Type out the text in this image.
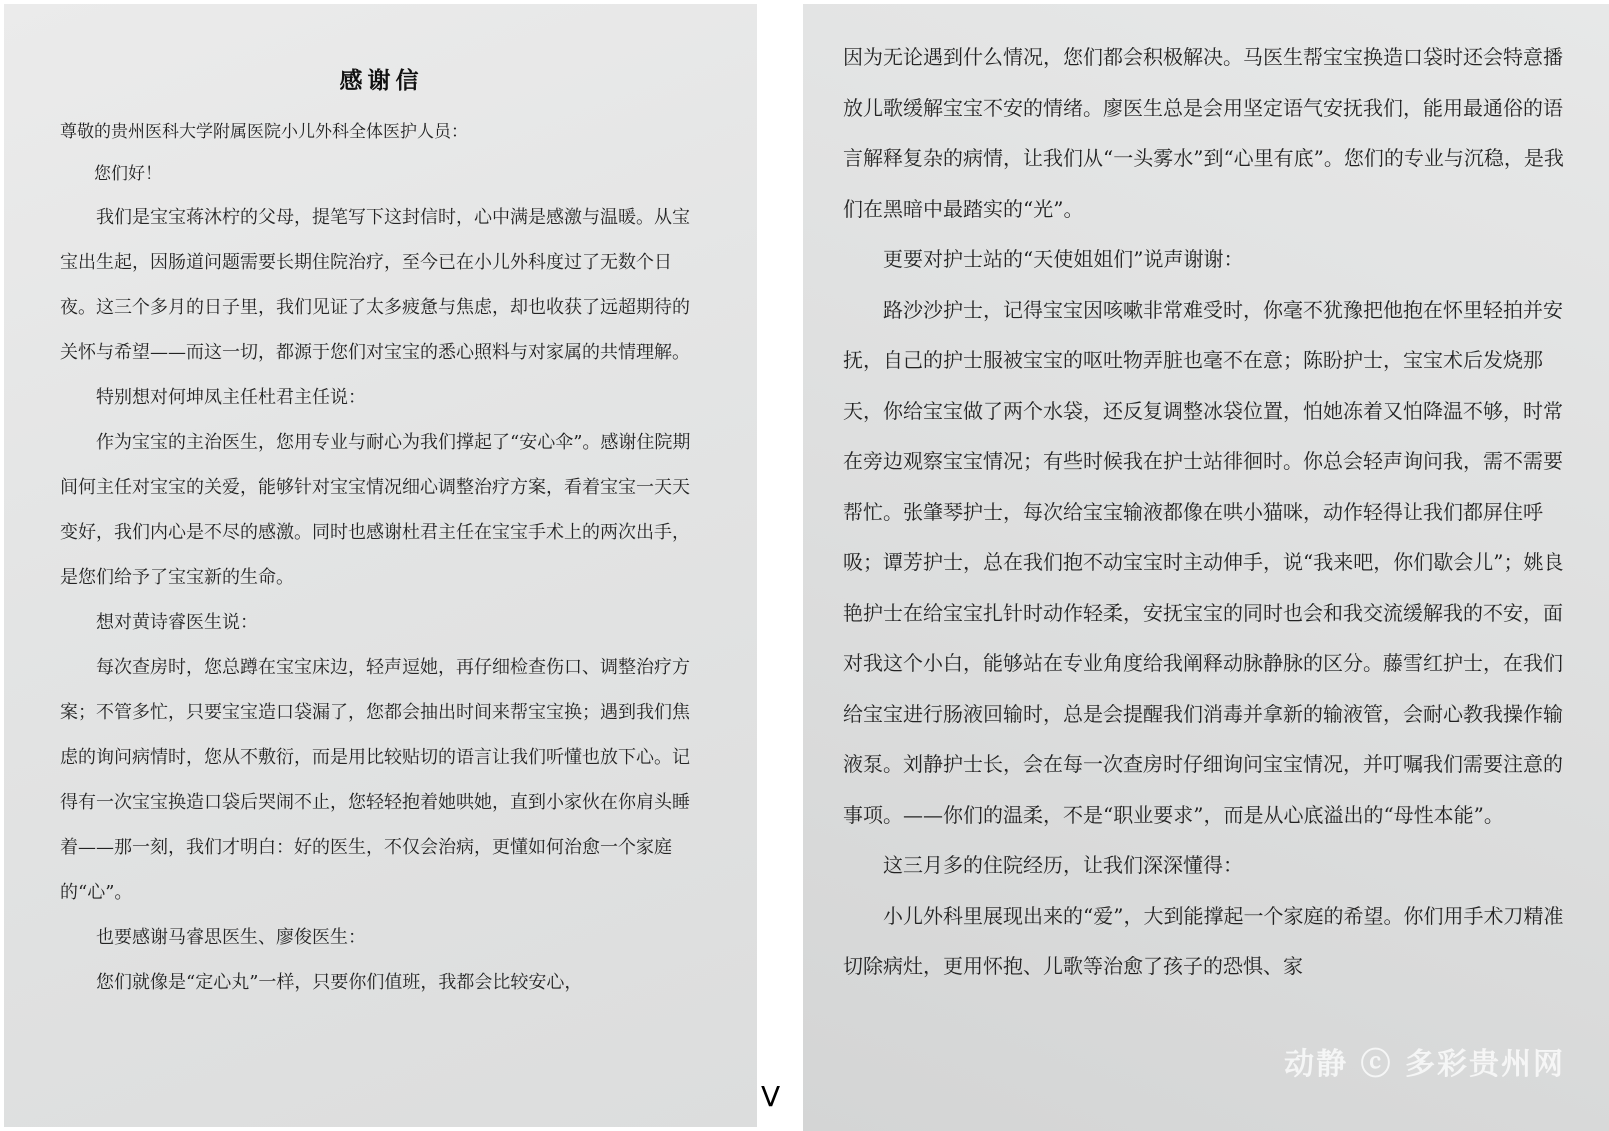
感谢信

尊敬的贵州医科大学附属医院小儿外科全体医护人员：

您们好！

我们是宝宝蒋沐柠的父母，提笔写下这封信时，心中满是感激与温暖。从宝宝出生起，因肠道问题需要长期住院治疗，至今已在小儿外科度过了无数个日夜。这三个多月的日子里，我们见证了太多疲惫与焦虑，却也收获了远超期待的关怀与希望——而这一切，都源于您们对宝宝的悉心照料与对家属的共情理解。

特别想对何坤凤主任杜君主任说：

作为宝宝的主治医生，您用专业与耐心为我们撑起了“安心伞”。感谢住院期间何主任对宝宝的关爱，能够针对宝宝情况细心调整治疗方案，看着宝宝一天天变好，我们内心是不尽的感激。同时也感谢杜君主任在宝宝手术上的两次出手，是您们给予了宝宝新的生命。

想对黄诗睿医生说：

每次查房时，您总蹲在宝宝床边，轻声逗她，再仔细检查伤口、调整治疗方案；不管多忙，只要宝宝造口袋漏了，您都会抽出时间来帮宝宝换；遇到我们焦虑的询问病情时，您从不敷衍，而是用比较贴切的语言让我们听懂也放下心。记得有一次宝宝换造口袋后哭闹不止，您轻轻抱着她哄她，直到小家伙在你肩头睡着——那一刻，我们才明白：好的医生，不仅会治病，更懂如何治愈一个家庭的“心”。

也要感谢马睿思医生、廖俊医生：

您们就像是“定心丸”一样，只要你们值班，我都会比较安心，

因为无论遇到什么情况，您们都会积极解决。马医生帮宝宝换造口袋时还会特意播放儿歌缓解宝宝不安的情绪。廖医生总是会用坚定语气安抚我们，能用最通俗的语言解释复杂的病情，让我们从“一头雾水”到“心里有底”。您们的专业与沉稳，是我们在黑暗中最踏实的“光”。

更要对护士站的“天使姐姐们”说声谢谢：

路沙沙护士，记得宝宝因咳嗽非常难受时，你毫不犹豫把他抱在怀里轻拍并安抚，自己的护士服被宝宝的呕吐物弄脏也毫不在意；陈盼护士，宝宝术后发烧那天，你给宝宝做了两个水袋，还反复调整冰袋位置，怕她冻着又怕降温不够，时常在旁边观察宝宝情况；有些时候我在护士站徘徊时。你总会轻声询问我，需不需要帮忙。张肇琴护士，每次给宝宝输液都像在哄小猫咪，动作轻得让我们都屏住呼吸；谭芳护士，总在我们抱不动宝宝时主动伸手，说“我来吧，你们歇会儿”；姚良艳护士在给宝宝扎针时动作轻柔，安抚宝宝的同时也会和我交流缓解我的不安，面对我这个小白，能够站在专业角度给我阐释动脉静脉的区分。藤雪红护士，在我们给宝宝进行肠液回输时，总是会提醒我们消毒并拿新的输液管，会耐心教我操作输液泵。刘静护士长，会在每一次查房时仔细询问宝宝情况，并叮嘱我们需要注意的事项。——你们的温柔，不是“职业要求”，而是从心底溢出的“母性本能”。

这三月多的住院经历，让我们深深懂得：

小儿外科里展现出来的“爱”，大到能撑起一个家庭的希望。你们用手术刀精准切除病灶，更用怀抱、儿歌等治愈了孩子的恐惧、家

动静 ⓒ 多彩贵州网
V
